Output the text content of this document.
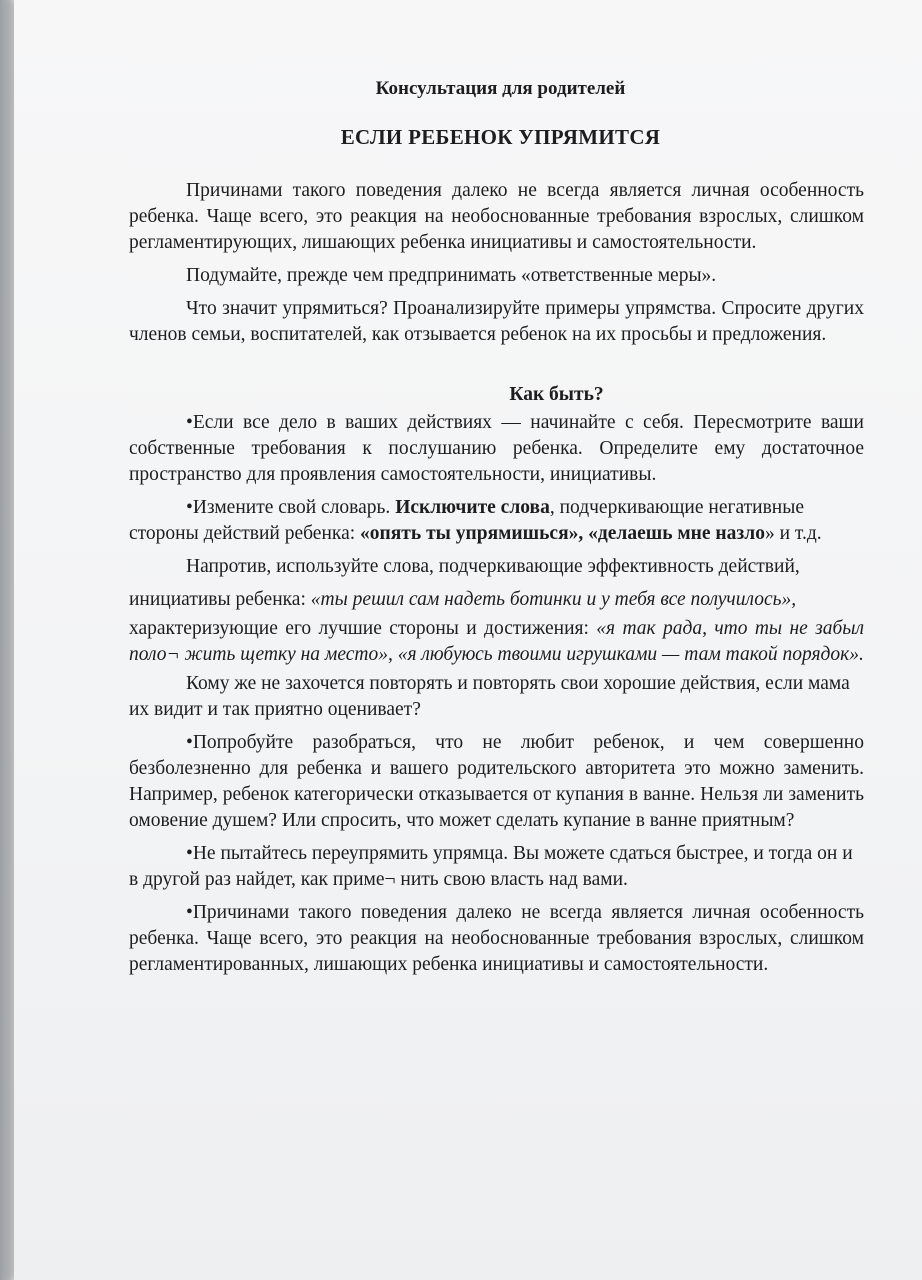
Консультация для родителей
ЕСЛИ РЕБЕНОК УПРЯМИТСЯ

Причинами такого поведения далеко не всегда является личная особенность ребенка. Чаще всего, это реакция на необоснованные требования взрослых, слишком регламентирующих, лишающих ребенка инициативы и самостоятельности.

Подумайте, прежде чем предпринимать «ответственные меры».

Что значит упрямиться? Проанализируйте примеры упрямства. Спросите других членов семьи, воспитателей, как отзывается ребенок на их просьбы и предложения.

Как быть?

•Если все дело в ваших действиях — начинайте с себя. Пересмотрите ваши собственные требования к послушанию ребенка. Определите ему достаточное пространство для проявления самостоятельности, инициативы.

•Измените свой словарь. Исключите слова, подчеркивающие негативные стороны действий ребенка: «опять ты упрямишься», «делаешь мне назло» и т.д.

Напротив, используйте слова, подчеркивающие эффективность действий,

инициативы ребенка: «ты решил сам надеть ботинки и у тебя все получилось»,

характеризующие его лучшие стороны и достижения: «я так рада, что ты не забыл поло¬ жить щетку на место», «я любуюсь твоими игрушками — там такой порядок».

Кому же не захочется повторять и повторять свои хорошие действия, если мама их видит и так приятно оценивает?

•Попробуйте разобраться, что не любит ребенок, и чем совершенно безболезненно для ребенка и вашего родительского авторитета это можно заменить. Например, ребенок категорически отказывается от купания в ванне. Нельзя ли заменить омовение душем? Или спросить, что может сделать купание в ванне приятным?

•Не пытайтесь переупрямить упрямца. Вы можете сдаться быстрее, и тогда он и в другой раз найдет, как приме¬ нить свою власть над вами.

•Причинами такого поведения далеко не всегда является личная особенность ребенка. Чаще всего, это реакция на необоснованные требования взрослых, слишком регламентированных, лишающих ребенка инициативы и самостоятельности.
